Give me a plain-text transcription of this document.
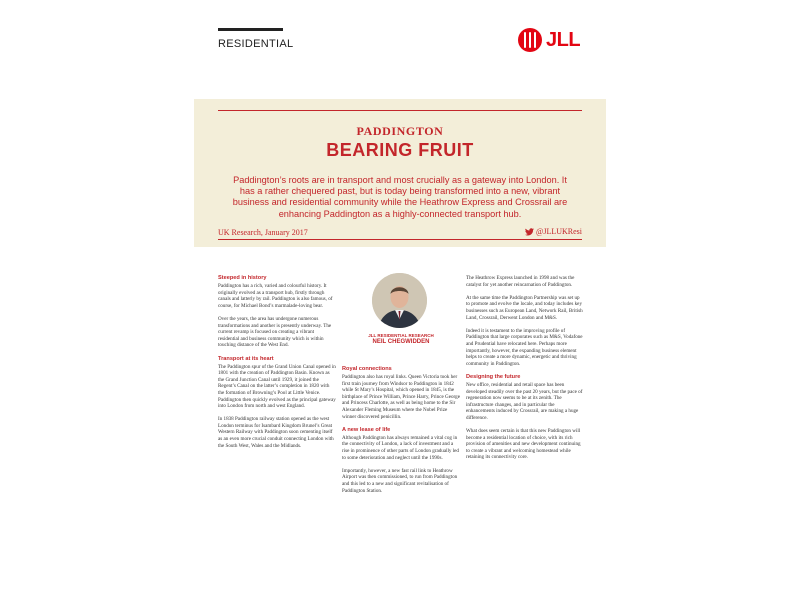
RESIDENTIAL	JLL
PADDINGTON
BEARING FRUIT
Paddington’s roots are in transport and most crucially as a gateway into London. It has a rather chequered past, but is today being transformed into a new, vibrant business and residential community while the Heathrow Express and Crossrail are enhancing Paddington as a highly-connected transport hub.
UK Research, January 2017	@JLLUKResi
Steeped in history

Paddington has a rich, varied and colourful history. It originally evolved as a transport hub, firstly through canals and latterly by rail. Paddington is also famous, of course, for Michael Bond’s marmalade-loving bear.

Over the years, the area has undergone numerous transformations and another is presently underway. The current revamp is focused on creating a vibrant residential and business community which is within touching distance of the West End.

Transport at its heart

The Paddington spur of the Grand Union Canal opened in 1801 with the creation of Paddington Basin. Known as the Grand Junction Canal until 1929, it joined the Regent’s Canal on the latter’s completion in 1820 with the formation of Browning’s Pool at Little Venice. Paddington then quickly evolved as the principal gateway into London from north and west England.

In 1838 Paddington railway station opened as the west London terminus for Isambard Kingdom Brunel’s Great Western Railway with Paddington soon cementing itself as an even more crucial conduit connecting London with the South West, Wales and the Midlands.

JLL RESIDENTIAL RESEARCH
NEIL CHEGWIDDEN
Royal connections

Paddington also has royal links. Queen Victoria took her first train journey from Windsor to Paddington in 1842 while St Mary’s Hospital, which opened in 1845, is the birthplace of Prince William, Prince Harry, Prince George and Princess Charlotte, as well as being home to the Sir Alexander Fleming Museum where the Nobel Prize winner discovered penicillin.

A new lease of life

Although Paddington has always remained a vital cog in the connectivity of London, a lack of investment and a rise in prominence of other parts of London gradually led to some deterioration and neglect until the 1990s.

Importantly, however, a new fast rail link to Heathrow Airport was then commissioned, to run from Paddington and this led to a new and significant revitalisation of Paddington Station.

The Heathrow Express launched in 1998 and was the catalyst for yet another reincarnation of Paddington.

At the same time the Paddington Partnership was set up to promote and evolve the locale, and today includes key businesses such as European Land, Network Rail, British Land, Crossrail, Derwent London and M&S.

Indeed it is testament to the improving profile of Paddington that large corporates such as M&S, Vodafone and Prudential have relocated here. Perhaps more importantly, however, the expanding business element helps to create a more dynamic, energetic and thriving community in Paddington.

Designing the future

New office, residential and retail space has been developed steadily over the past 20 years, but the pace of regeneration now seems to be at its zenith. The infrastructure changes, and in particular the enhancements induced by Crossrail, are making a huge difference.

What does seem certain is that this new Paddington will become a residential location of choice, with its rich provision of amenities and new development continuing to create a vibrant and welcoming homestead while retaining its connectivity core.
